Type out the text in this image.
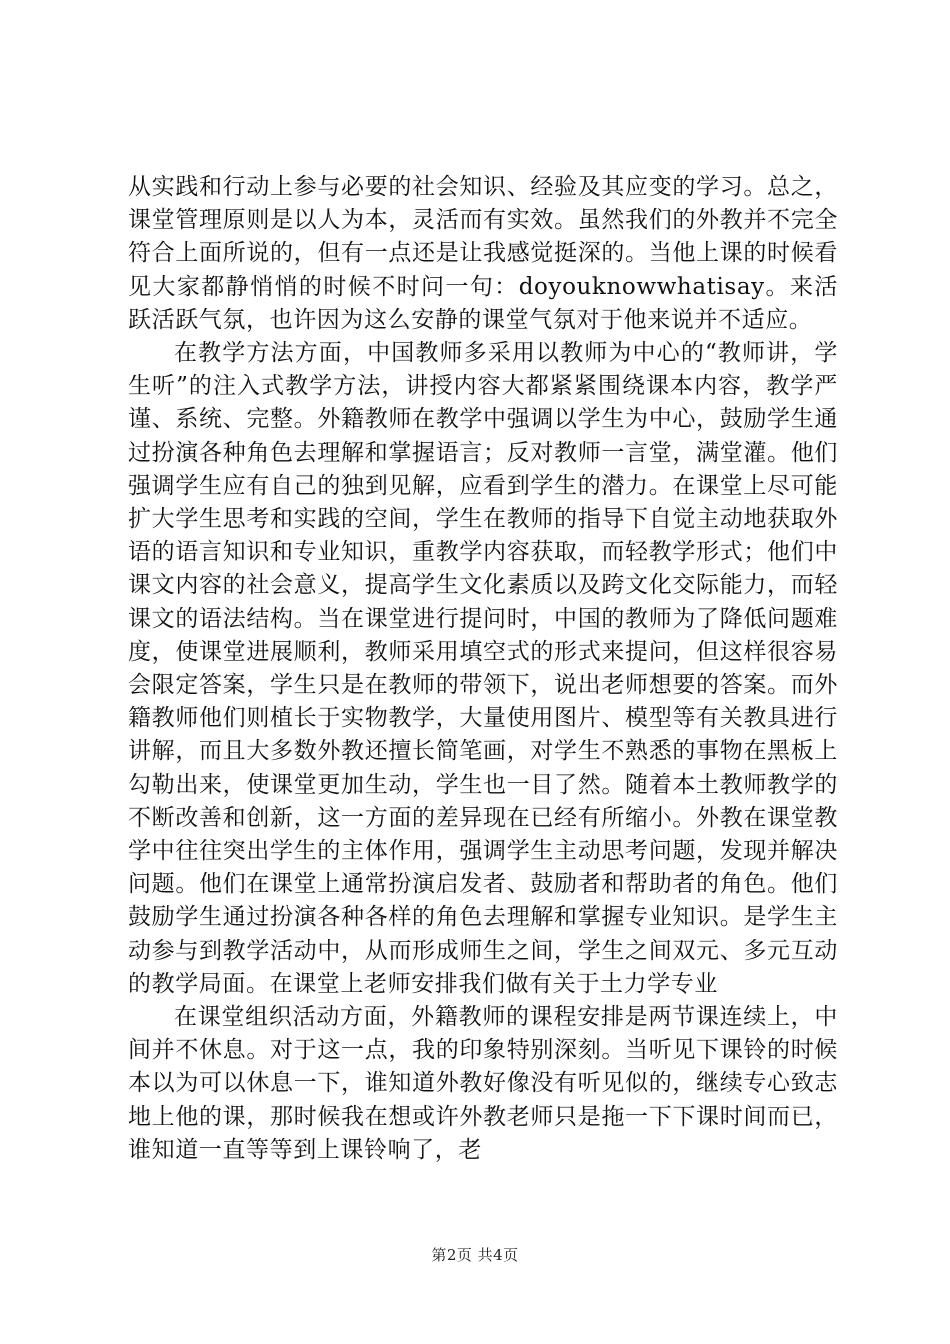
从实践和行动上参与必要的社会知识、经验及其应变的学习。总之，课堂管理原则是以人为本，灵活而有实效。虽然我们的外教并不完全符合上面所说的，但有一点还是让我感觉挺深的。当他上课的时候看见大家都静悄悄的时候不时问一句：doyouknowwhatisay。来活跃活跃气氛，也许因为这么安静的课堂气氛对于他来说并不适应。

在教学方法方面，中国教师多采用以教师为中心的“教师讲，学生听”的注入式教学方法，讲授内容大都紧紧围绕课本内容，教学严谨、系统、完整。外籍教师在教学中强调以学生为中心，鼓励学生通过扮演各种角色去理解和掌握语言；反对教师一言堂，满堂灌。他们强调学生应有自己的独到见解，应看到学生的潜力。在课堂上尽可能扩大学生思考和实践的空间，学生在教师的指导下自觉主动地获取外语的语言知识和专业知识，重教学内容获取，而轻教学形式；他们中课文内容的社会意义，提高学生文化素质以及跨文化交际能力，而轻课文的语法结构。当在课堂进行提问时，中国的教师为了降低问题难度，使课堂进展顺利，教师采用填空式的形式来提问，但这样很容易会限定答案，学生只是在教师的带领下，说出老师想要的答案。而外籍教师他们则植长于实物教学，大量使用图片、模型等有关教具进行讲解，而且大多数外教还擅长简笔画，对学生不熟悉的事物在黑板上勾勒出来，使课堂更加生动，学生也一目了然。随着本土教师教学的不断改善和创新，这一方面的差异现在已经有所缩小。外教在课堂教学中往往突出学生的主体作用，强调学生主动思考问题，发现并解决问题。他们在课堂上通常扮演启发者、鼓励者和帮助者的角色。他们鼓励学生通过扮演各种各样的角色去理解和掌握专业知识。是学生主动参与到教学活动中，从而形成师生之间，学生之间双元、多元互动的教学局面。在课堂上老师安排我们做有关于土力学专业

在课堂组织活动方面，外籍教师的课程安排是两节课连续上，中间并不休息。对于这一点，我的印象特别深刻。当听见下课铃的时候本以为可以休息一下，谁知道外教好像没有听见似的，继续专心致志地上他的课，那时候我在想或许外教老师只是拖一下下课时间而已，谁知道一直等等到上课铃响了，老

第2页 共4页
